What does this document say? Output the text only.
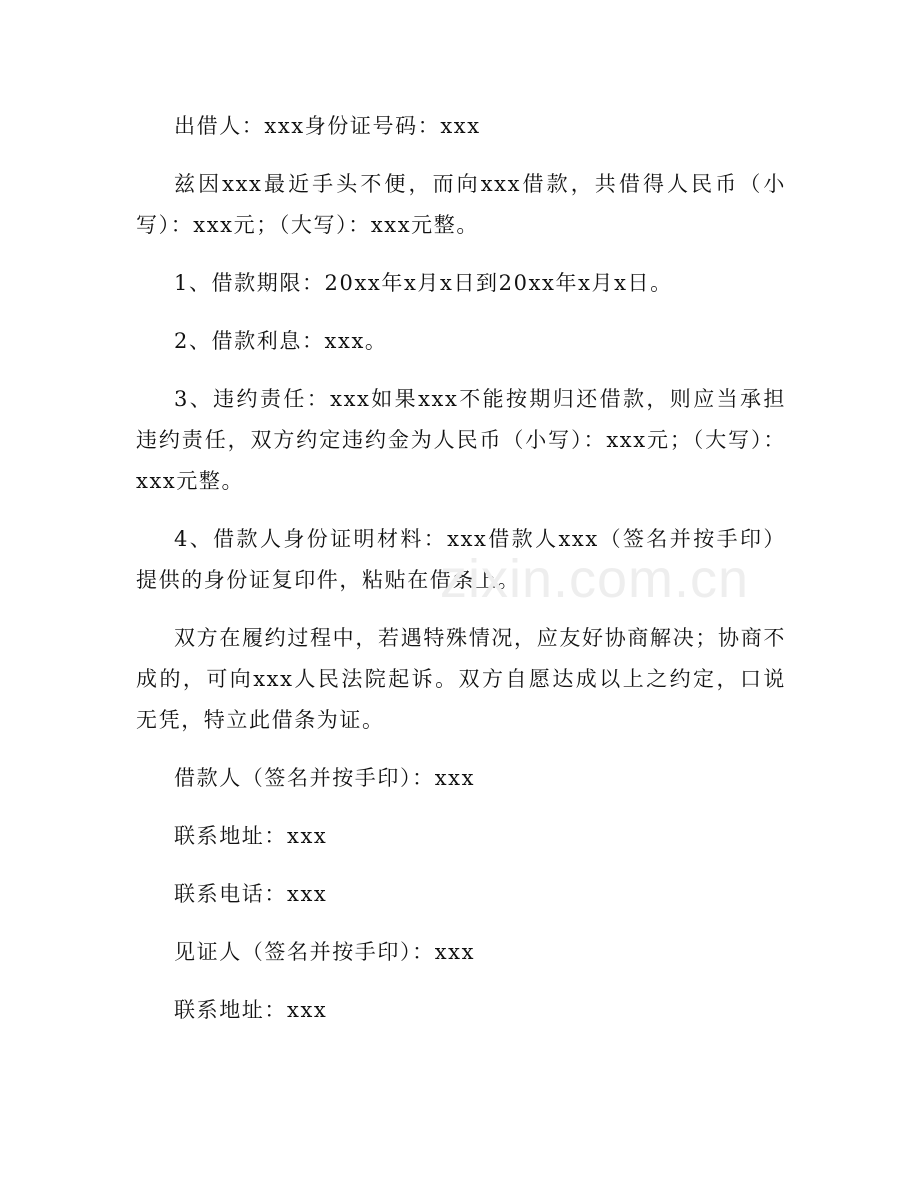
出借人：xxx身份证号码：xxx

兹因xxx最近手头不便，而向xxx借款，共借得人民币（小写）：xxx元；（大写）：xxx元整。

1、借款期限：20xx年x月x日到20xx年x月x日。

2、借款利息：xxx。

3、违约责任：xxx如果xxx不能按期归还借款，则应当承担违约责任，双方约定违约金为人民币（小写）：xxx元；（大写）：xxx元整。

4、借款人身份证明材料：xxx借款人xxx（签名并按手印）提供的身份证复印件，粘贴在借条上。

双方在履约过程中，若遇特殊情况，应友好协商解决；协商不成的，可向xxx人民法院起诉。双方自愿达成以上之约定，口说无凭，特立此借条为证。

借款人（签名并按手印）：xxx

联系地址：xxx

联系电话：xxx

见证人（签名并按手印）：xxx

联系地址：xxx

zixin.com.cn
